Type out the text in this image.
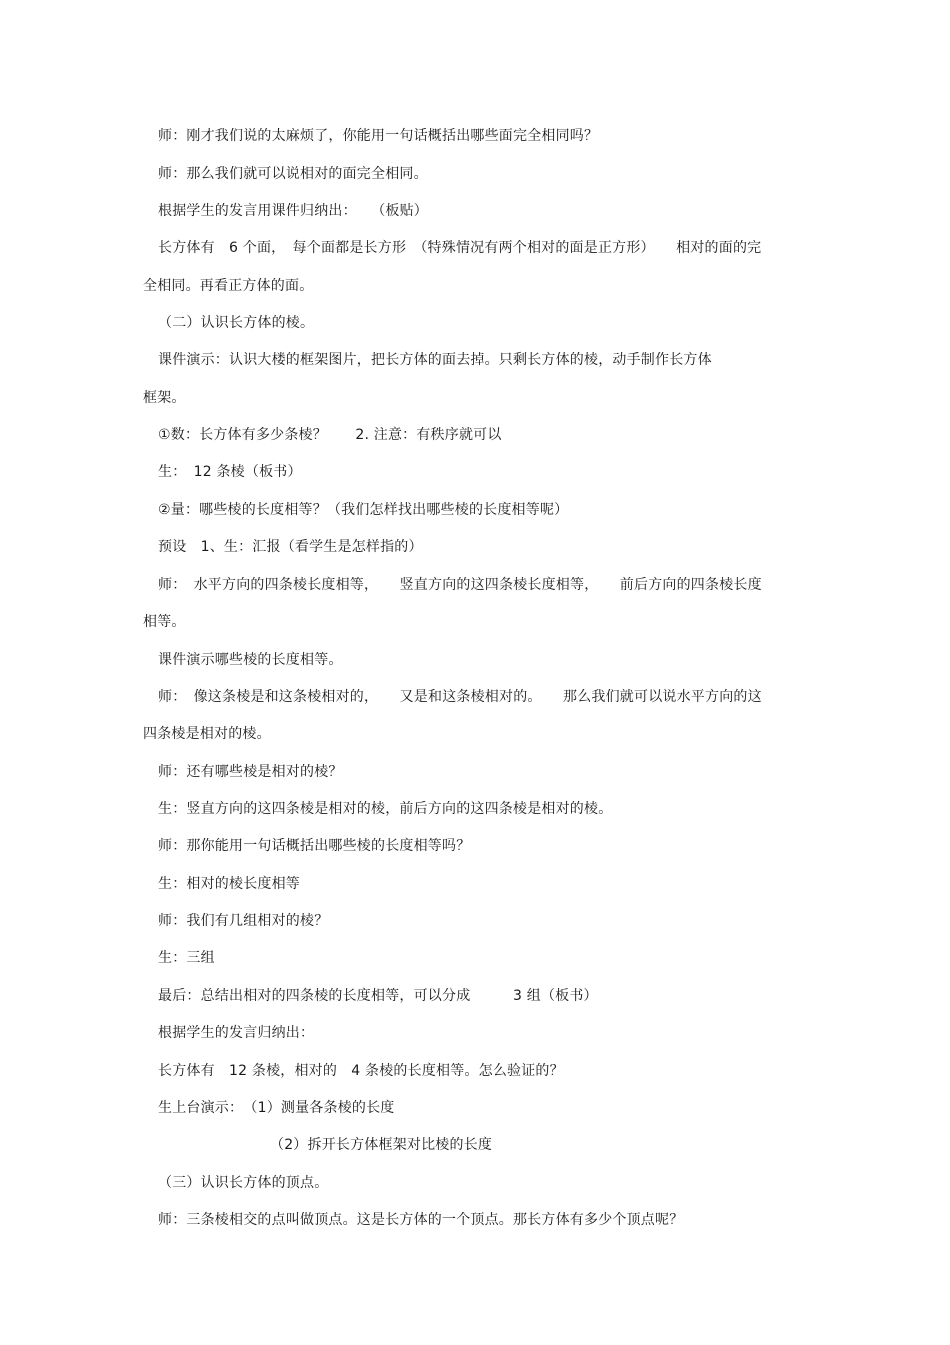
师：刚才我们说的太麻烦了，你能用一句话概括出哪些面完全相同吗？
师：那么我们就可以说相对的面完全相同。
根据学生的发言用课件归纳出：　　（板贴）
长方体有　6 个面，　每个面都是长方形　（特殊情况有两个相对的面是正方形）　　相对的面的完
全相同。再看正方体的面。
（二）认识长方体的棱。
课件演示：认识大楼的框架图片，把长方体的面去掉。只剩长方体的棱，动手制作长方体
框架。
①数：长方体有多少条棱？　　2. 注意：有秩序就可以
生：　12 条棱（板书）
②量：哪些棱的长度相等？（我们怎样找出哪些棱的长度相等呢）
预设　1、生：汇报（看学生是怎样指的）
师：　水平方向的四条棱长度相等，　　竖直方向的这四条棱长度相等，　　前后方向的四条棱长度
相等。
课件演示哪些棱的长度相等。
师：　像这条棱是和这条棱相对的，　　又是和这条棱相对的。　　那么我们就可以说水平方向的这
四条棱是相对的棱。
师：还有哪些棱是相对的棱？
生：竖直方向的这四条棱是相对的棱，前后方向的这四条棱是相对的棱。
师：那你能用一句话概括出哪些棱的长度相等吗？
生：相对的棱长度相等
师：我们有几组相对的棱？
生：三组
最后：总结出相对的四条棱的长度相等，可以分成　　　3 组（板书）
根据学生的发言归纳出：
长方体有　12 条棱，相对的　4 条棱的长度相等。怎么验证的？
生上台演示：　（1）测量各条棱的长度
（2）拆开长方体框架对比棱的长度
（三）认识长方体的顶点。
师：三条棱相交的点叫做顶点。这是长方体的一个顶点。那长方体有多少个顶点呢？
